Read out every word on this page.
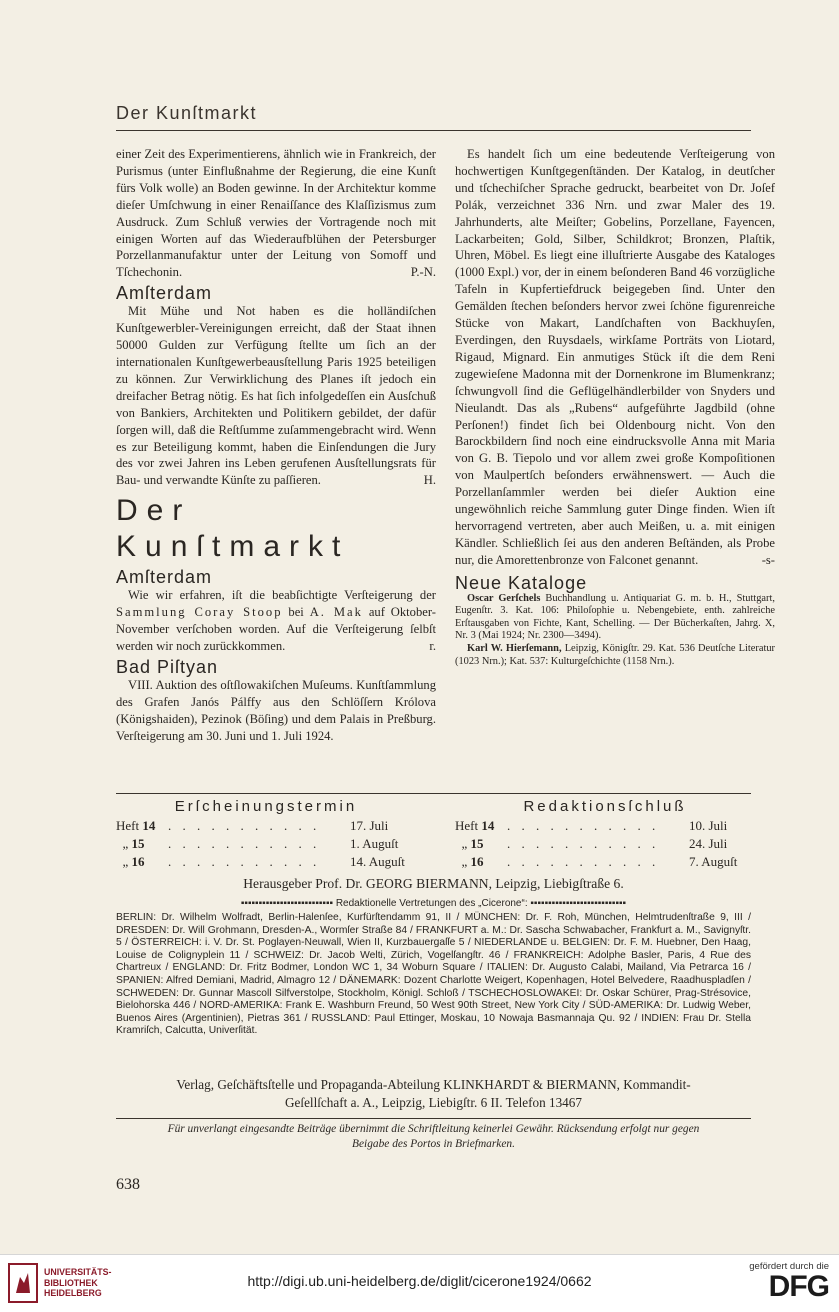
Der Kunſtmarkt

einer Zeit des Experimentierens, ähnlich wie in Frankreich, der Purismus (unter Einflußnahme der Regierung, die eine Kunſt fürs Volk wolle) an Boden gewinne. In der Architektur komme dieſer Umſchwung in einer Renaiſſance des Klaſſizismus zum Ausdruck. Zum Schluß verwies der Vortragende noch mit einigen Worten auf das Wiederaufblühen der Petersburger Porzellanmanufaktur unter der Leitung von Somoff und Tſchechonin.	P.-N.

Amſterdam

Mit Mühe und Not haben es die holländiſchen Kunſtgewerbler-Vereinigungen erreicht, daß der Staat ihnen 50000 Gulden zur Verfügung ſtellte um ſich an der internationalen Kunſtgewerbeausſtellung Paris 1925 beteiligen zu können. Zur Verwirklichung des Planes iſt jedoch ein dreifacher Betrag nötig. Es hat ſich infolgedeſſen ein Ausſchuß von Bankiers, Architekten und Politikern gebildet, der dafür ſorgen will, daß die Reſtſumme zuſammengebracht wird. Wenn es zur Beteiligung kommt, haben die Einſendungen die Jury des vor zwei Jahren ins Leben gerufenen Ausſtellungsrats für Bau- und verwandte Künſte zu paſſieren.	H.

Der Kunſtmarkt
Amſterdam

Wie wir erfahren, iſt die beabſichtigte Verſteigerung der Sammlung Coray Stoop bei A. Mak auf Oktober-November verſchoben worden. Auf die Verſteigerung ſelbſt werden wir noch zurückkommen.	r.

Bad Piſtyan

VIII. Auktion des oſtſlowakiſchen Muſeums. Kunſtſammlung des Grafen Janós Pálffy aus den Schlöſſern Królova (Königshaiden), Pezinok (Böſing) und dem Palais in Preßburg. Verſteigerung am 30. Juni und 1. Juli 1924.

Es handelt ſich um eine bedeutende Verſteigerung von hochwertigen Kunſtgegenſtänden. Der Katalog, in deutſcher und tſchechiſcher Sprache gedruckt, bearbeitet von Dr. Joſef Polák, verzeichnet 336 Nrn. und zwar Maler des 19. Jahrhunderts, alte Meiſter; Gobelins, Porzellane, Fayencen, Lackarbeiten; Gold, Silber, Schildkrot; Bronzen, Plaſtik, Uhren, Möbel. Es liegt eine illuſtrierte Ausgabe des Kataloges (1000 Expl.) vor, der in einem beſonderen Band 46 vorzügliche Tafeln in Kupfertiefdruck beigegeben ſind. Unter den Gemälden ſtechen beſonders hervor zwei ſchöne figurenreiche Stücke von Makart, Landſchaften von Backhuyſen, Everdingen, den Ruysdaels, wirkſame Porträts von Liotard, Rigaud, Mignard. Ein anmutiges Stück iſt die dem Reni zugewieſene Madonna mit der Dornenkrone im Blumenkranz; ſchwungvoll ſind die Geflügelhändlerbilder von Snyders und Nieulandt. Das als „Rubens“ aufgeführte Jagdbild (ohne Perſonen!) findet ſich bei Oldenbourg nicht. Von den Barockbildern ſind noch eine eindrucksvolle Anna mit Maria von G. B. Tiepolo und vor allem zwei große Kompoſitionen von Maulpertſch beſonders erwähnenswert. — Auch die Porzellanſammler werden bei dieſer Auktion eine ungewöhnlich reiche Sammlung guter Dinge finden. Wien iſt hervorragend vertreten, aber auch Meißen, u. a. mit einigen Kändler. Schließlich ſei aus den anderen Beſtänden, als Probe nur, die Amorettenbronze von Falconet genannt.	-s-

Neue Kataloge

Oscar Gerſchels Buchhandlung u. Antiquariat G. m. b. H., Stuttgart, Eugenſtr. 3. Kat. 106: Philoſophie u. Nebengebiete, enth. zahlreiche Erſtausgaben von Fichte, Kant, Schelling. — Der Bücherkaſten, Jahrg. X, Nr. 3 (Mai 1924; Nr. 2300—3494).

Karl W. Hierſemann, Leipzig, Königſtr. 29. Kat. 536 Deutſche Literatur (1023 Nrn.); Kat. 537: Kulturgeſchichte (1158 Nrn.).

Erſcheinungstermin
Heft 14 . . . . . . . . . . .	17. Juli
„ 15	. . . . . . . . . . .	1. Auguſt
„ 16	. . . . . . . . . . .	14. Auguſt
Redaktionsſchluß
Heft 14 . . . . . . . . . . .	10. Juli
„ 15	. . . . . . . . . . .	24. Juli
„ 16	. . . . . . . . . . .	7. Auguſt
Herausgeber Prof. Dr. GEORG BIERMANN, Leipzig, Liebigſtraße 6.
▪▪▪▪▪▪▪▪▪▪▪▪▪▪▪▪▪▪▪▪▪▪▪▪▪▪ Redaktionelle Vertretungen des „Cicerone“: ▪▪▪▪▪▪▪▪▪▪▪▪▪▪▪▪▪▪▪▪▪▪▪▪▪▪▪
BERLIN: Dr. Wilhelm Wolfradt, Berlin-Halenſee, Kurfürſtendamm 91, II / MÜNCHEN: Dr. F. Roh, München, Helmtrudenſtraße 9, III / DRESDEN: Dr. Will Grohmann, Dresden-A., Wormſer Straße 84 / FRANKFURT a. M.: Dr. Sascha Schwabacher, Frankfurt a. M., Savignyſtr. 5 / ÖSTERREICH: i. V. Dr. St. Poglayen-Neuwall, Wien II, Kurzbauergaſſe 5 / NIEDERLANDE u. BELGIEN: Dr. F. M. Huebner, Den Haag, Louise de Colignyplein 11 / SCHWEIZ: Dr. Jacob Welti, Zürich, Vogelſangſtr. 46 / FRANKREICH: Adolphe Basler, Paris, 4 Rue des Chartreux / ENGLAND: Dr. Fritz Bodmer, London WC 1, 34 Woburn Square / ITALIEN: Dr. Augusto Calabi, Mailand, Via Petrarca 16 / SPANIEN: Alfred Demiani, Madrid, Almagro 12 / DÄNEMARK: Dozent Charlotte Weigert, Kopenhagen, Hotel Belvedere, Raadhuspladſen / SCHWEDEN: Dr. Gunnar Mascoll Silfverstolpe, Stockholm, Königl. Schloß / TSCHECHOSLOWAKEI: Dr. Oskar Schürer, Prag-Strésovice, Bielohorska 446 / NORD-AMERIKA: Frank E. Washburn Freund, 50 West 90th Street, New York City / SÜD-AMERIKA: Dr. Ludwig Weber, Buenos Aires (Argentinien), Pietras 361 / RUSSLAND: Paul Ettinger, Moskau, 10 Nowaja Basmannaja Qu. 92 / INDIEN: Frau Dr. Stella Kramriſch, Calcutta, Univerſität.
Verlag, Geſchäftsſtelle und Propaganda-Abteilung KLINKHARDT & BIERMANN, Kommandit-
Geſellſchaft a. A., Leipzig, Liebigſtr. 6 II. Telefon 13467
Für unverlangt eingesandte Beiträge übernimmt die Schriftleitung keinerlei Gewähr. Rücksendung erfolgt nur gegen
Beigabe des Portos in Briefmarken.
638
UNIVERSITÄTS-
BIBLIOTHEK
HEIDELBERG
http://digi.ub.uni-heidelberg.de/diglit/cicerone1924/0662
gefördert durch die
DFG
